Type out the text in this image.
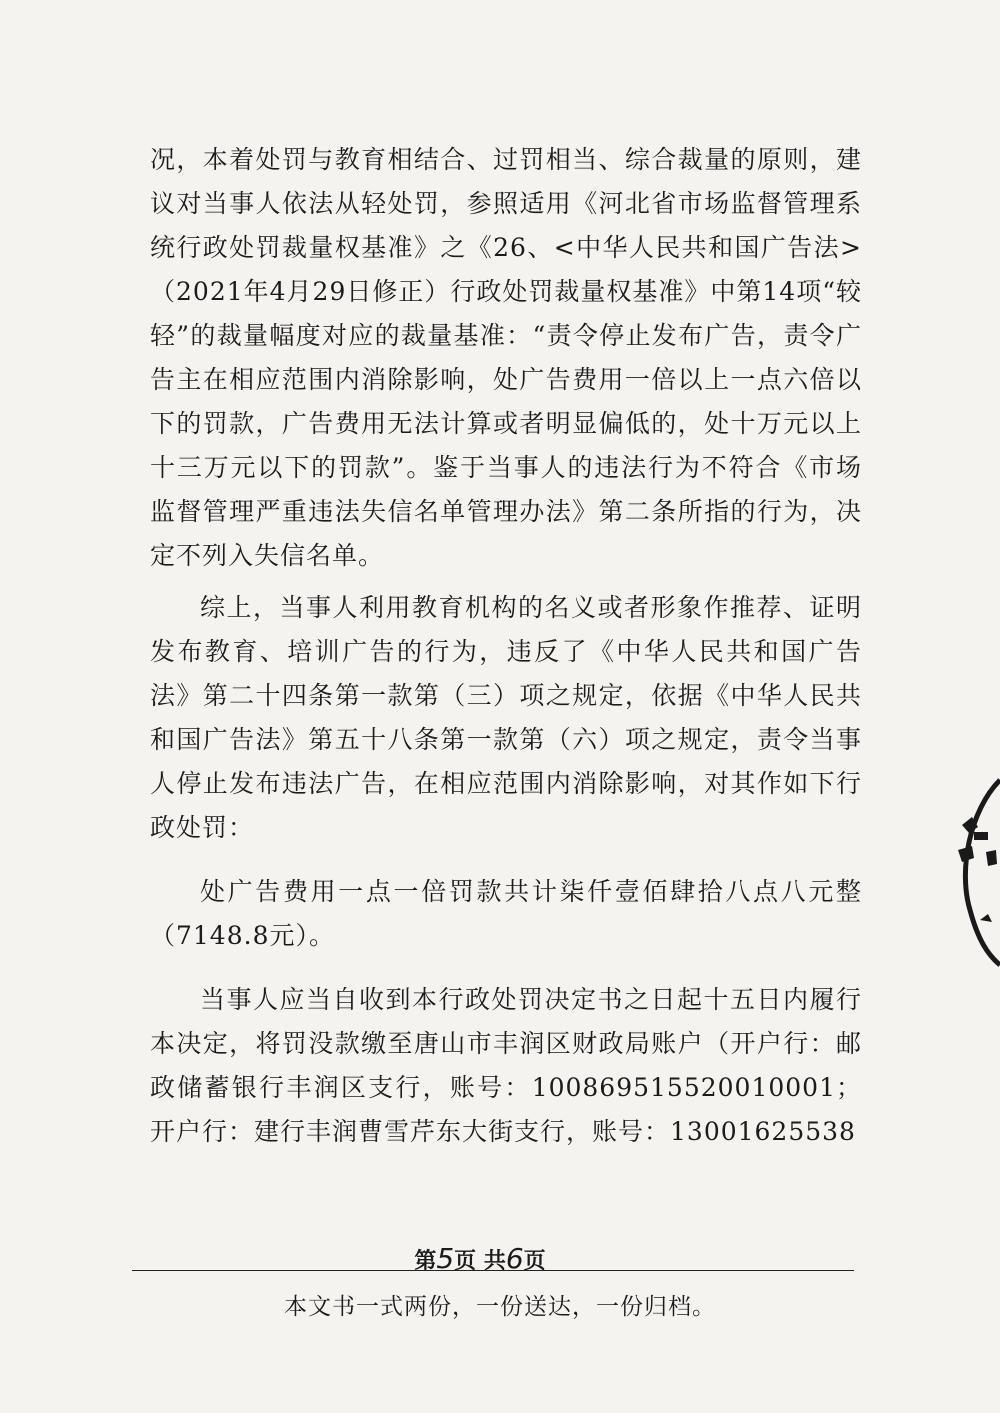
况，本着处罚与教育相结合、过罚相当、综合裁量的原则，建议对当事人依法从轻处罚，参照适用《河北省市场监督管理系统行政处罚裁量权基准》之《26、<中华人民共和国广告法>（2021年4月29日修正）行政处罚裁量权基准》中第14项“较轻”的裁量幅度对应的裁量基准：“责令停止发布广告，责令广告主在相应范围内消除影响，处广告费用一倍以上一点六倍以下的罚款，广告费用无法计算或者明显偏低的，处十万元以上十三万元以下的罚款”。鉴于当事人的违法行为不符合《市场监督管理严重违法失信名单管理办法》第二条所指的行为，决定不列入失信名单。

综上，当事人利用教育机构的名义或者形象作推荐、证明发布教育、培训广告的行为，违反了《中华人民共和国广告法》第二十四条第一款第（三）项之规定，依据《中华人民共和国广告法》第五十八条第一款第（六）项之规定，责令当事人停止发布违法广告，在相应范围内消除影响，对其作如下行政处罚：

处广告费用一点一倍罚款共计柒仟壹佰肆拾八点八元整（7148.8元）。

当事人应当自收到本行政处罚决定书之日起十五日内履行本决定，将罚没款缴至唐山市丰润区财政局账户（开户行：邮政储蓄银行丰润区支行，账号：100869515520010001；开户行：建行丰润曹雪芹东大街支行，账号：13001625538

第5页 共6页
本文书一式两份，一份送达，一份归档。
